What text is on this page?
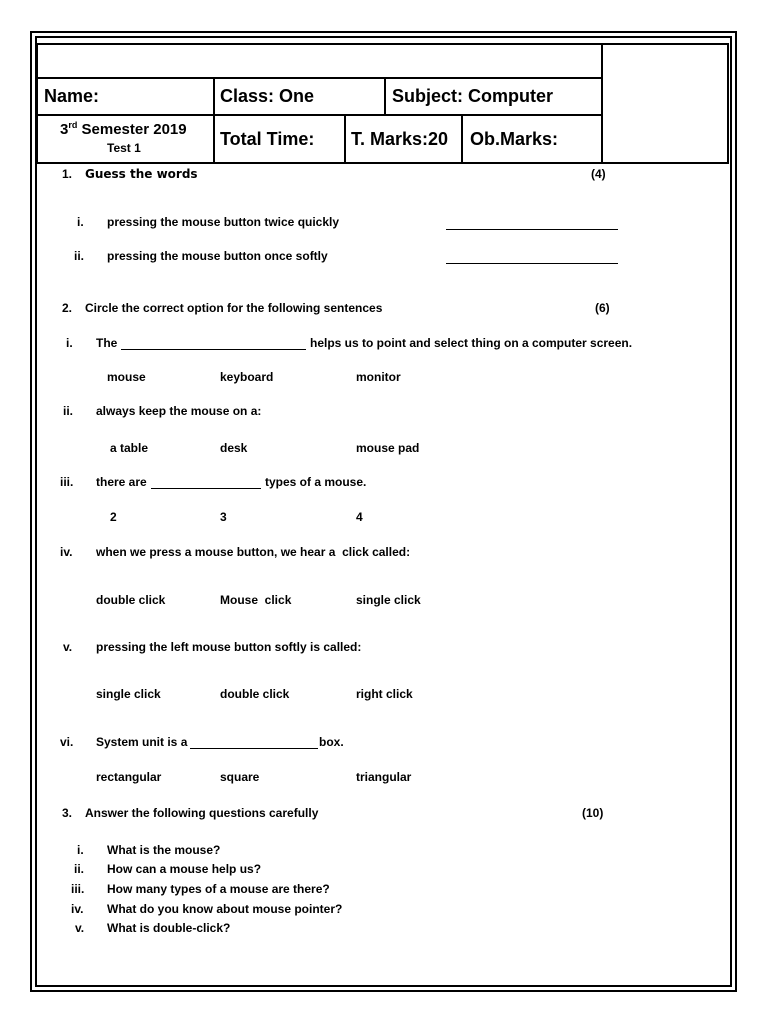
Name:	Class: One	Subject: Computer
3rd Semester 2019
Test 1	Total Time: T. Marks:20 Ob.Marks:
1. Guess the words	(4)
i. pressing the mouse button twice quickly
ii. pressing the mouse button once softly
2. Circle the correct option for the following sentences	(6)
i. The	helps us to point and select thing on a computer screen.
mouse	keyboard	monitor
ii. always keep the mouse on a:
a table	desk	mouse pad
iii. there are	types of a mouse.
2	3	4
iv. when we press a mouse button, we hear a  click called:
double click	Mouse  click	single click
v. pressing the left mouse button softly is called:
single click	double click	right click
vi. System unit is a	box.
rectangular	square	triangular
3. Answer the following questions carefully	(10)
i. What is the mouse?
ii. How can a mouse help us?
iii. How many types of a mouse are there?
iv. What do you know about mouse pointer?
v. What is double-click?
